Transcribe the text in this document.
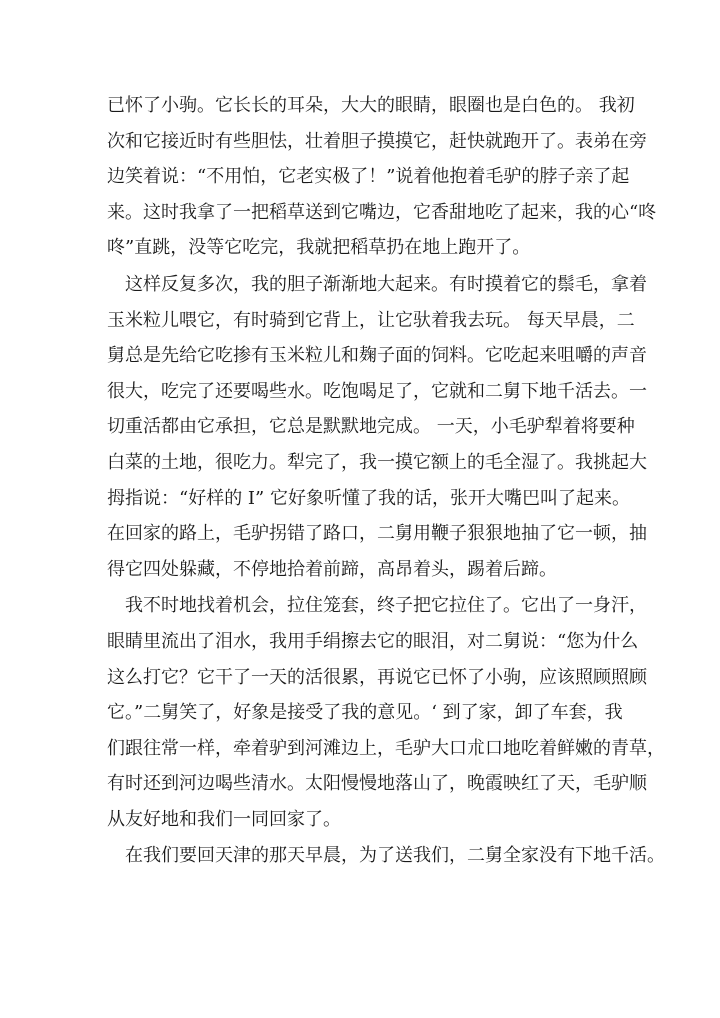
已怀了小驹。它长长的耳朵，大大的眼睛，眼圈也是白色的。 我初
次和它接近时有些胆怯，壮着胆子摸摸它，赶快就跑开了。表弟在旁
边笑着说：“不用怕，它老实极了！”说着他抱着毛驴的脖子亲了起
来。这时我拿了一把稻草送到它嘴边，它香甜地吃了起来，我的心“咚
咚”直跳，没等它吃完，我就把稻草扔在地上跑开了。
这样反复多次，我的胆子渐渐地大起来。有时摸着它的鬃毛，拿着
玉米粒儿喂它，有时骑到它背上，让它驮着我去玩。 每天早晨，二
舅总是先给它吃掺有玉米粒儿和麹子面的饲料。它吃起来咀嚼的声音
很大，吃完了还要喝些水。吃饱喝足了，它就和二舅下地千活去。一
切重活都由它承担，它总是默默地完成。 一天，小毛驴犁着将要种
白菜的土地，很吃力。犁完了，我一摸它额上的毛全湿了。我挑起大
拇指说：“好样的 I” 它好象听懂了我的话，张开大嘴巴叫了起来。
在回家的路上，毛驴拐错了路口，二舅用鞭子狠狠地抽了它一顿，抽
得它四处躲藏，不停地拾着前蹄，高昂着头，踢着后蹄。
我不时地找着机会，拉住笼套，终子把它拉住了。它出了一身汗，
眼睛里流出了泪水，我用手绢擦去它的眼泪，对二舅说：“您为什么
这么打它？它干了一天的活很累，再说它已怀了小驹，应该照顾照顾
它。”二舅笑了，好象是接受了我的意见。‘ 到了家，卸了车套，我
们跟往常一样，牵着驴到河滩边上，毛驴大口朮口地吃着鲜嫩的青草，
有时还到河边喝些清水。太阳慢慢地落山了，晚霞映红了天，毛驴顺
从友好地和我们一同回家了。
在我们要回天津的那天早晨，为了送我们，二舅全家没有下地千活。
